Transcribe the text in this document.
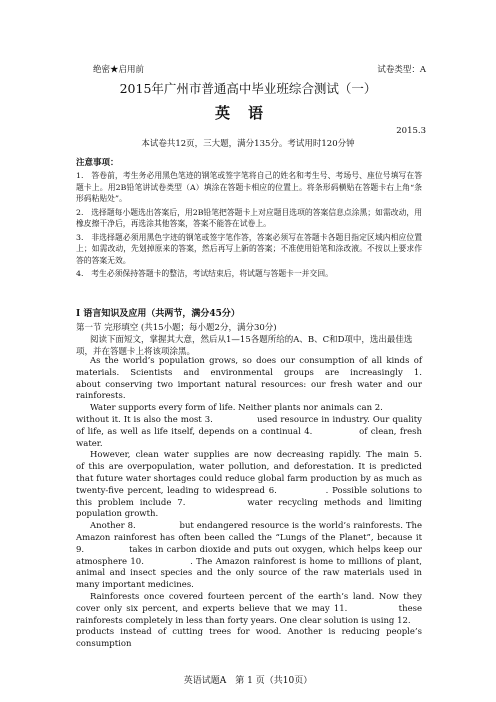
绝密★启用前	试卷类型：A
2015年广州市普通高中毕业班综合测试（一）
英语
2015.3
本试卷共12页，三大题，满分135分。考试用时120分钟
注意事项：

1.　答卷前，考生务必用黑色笔迹的钢笔或签字笔将自己的姓名和考生号、考场号、座位号填写在答题卡上。用2B铅笔讲试卷类型（A）填涂在答题卡相应的位置上。将条形码横贴在答题卡右上角“条形码粘贴处”。

2.　选择题每小题选出答案后，用2B铅笔把答题卡上对应题目选项的答案信息点涂黑；如需改动，用橡皮擦干净后，再选涂其他答案，答案不能答在试卷上。

3.　非选择题必须用黑色字迹的钢笔或签字笔作答，答案必须写在答题卡各题目指定区域内相应位置上；如需改动，先划掉原来的答案，然后再写上新的答案；不准使用铅笔和涂改液。不按以上要求作答的答案无效。

4.　考生必须保持答题卡的整洁，考试结束后，将试题与答题卡一并交回。

I 语言知识及应用（共两节，满分45分）
第一节 完形填空 (共15小题；每小题2分，满分30分)
阅读下面短文，掌握其大意，然后从1—15各题所给的A、B、C和D项中，选出最佳选项，并在答题卡上将该项涂黑。

As the world’s population grows, so does our consumption of all kinds of materials. Scientists and environmental groups are increasingly 1.　　　　　about conserving two important natural resources: our fresh water and our rainforests.

Water supports every form of life. Neither plants nor animals can 2.

without it. It is also the most 3.　　　　　used resource in industry. Our quality of life, as well as life itself, depends on a continual 4.　　　　　of clean, fresh water.

However, clean water supplies are now decreasing rapidly. The main 5.　　　　　of this are overpopulation, water pollution, and deforestation. It is predicted that future water shortages could reduce global farm production by as much as twenty-five percent, leading to widespread 6.　　　　　. Possible solutions to this problem include 7.　　　　　water recycling methods and limiting population growth.

Another 8.　　　　　but endangered resource is the world’s rainforests. The Amazon rainforest has often been called the “Lungs of the Planet”, because it 9.　　　　　takes in carbon dioxide and puts out oxygen, which helps keep our atmosphere 10.　　　　　. The Amazon rainforest is home to millions of plant, animal and insect species and the only source of the raw materials used in many important medicines.

Rainforests once covered fourteen percent of the earth’s land. Now they cover only six percent, and experts believe that we may 11.　　　　　these rainforests completely in less than forty years. One clear solution is using 12.

products instead of cutting trees for wood. Another is reducing people’s consumption

英语试题A　第 1 页（共10页）
